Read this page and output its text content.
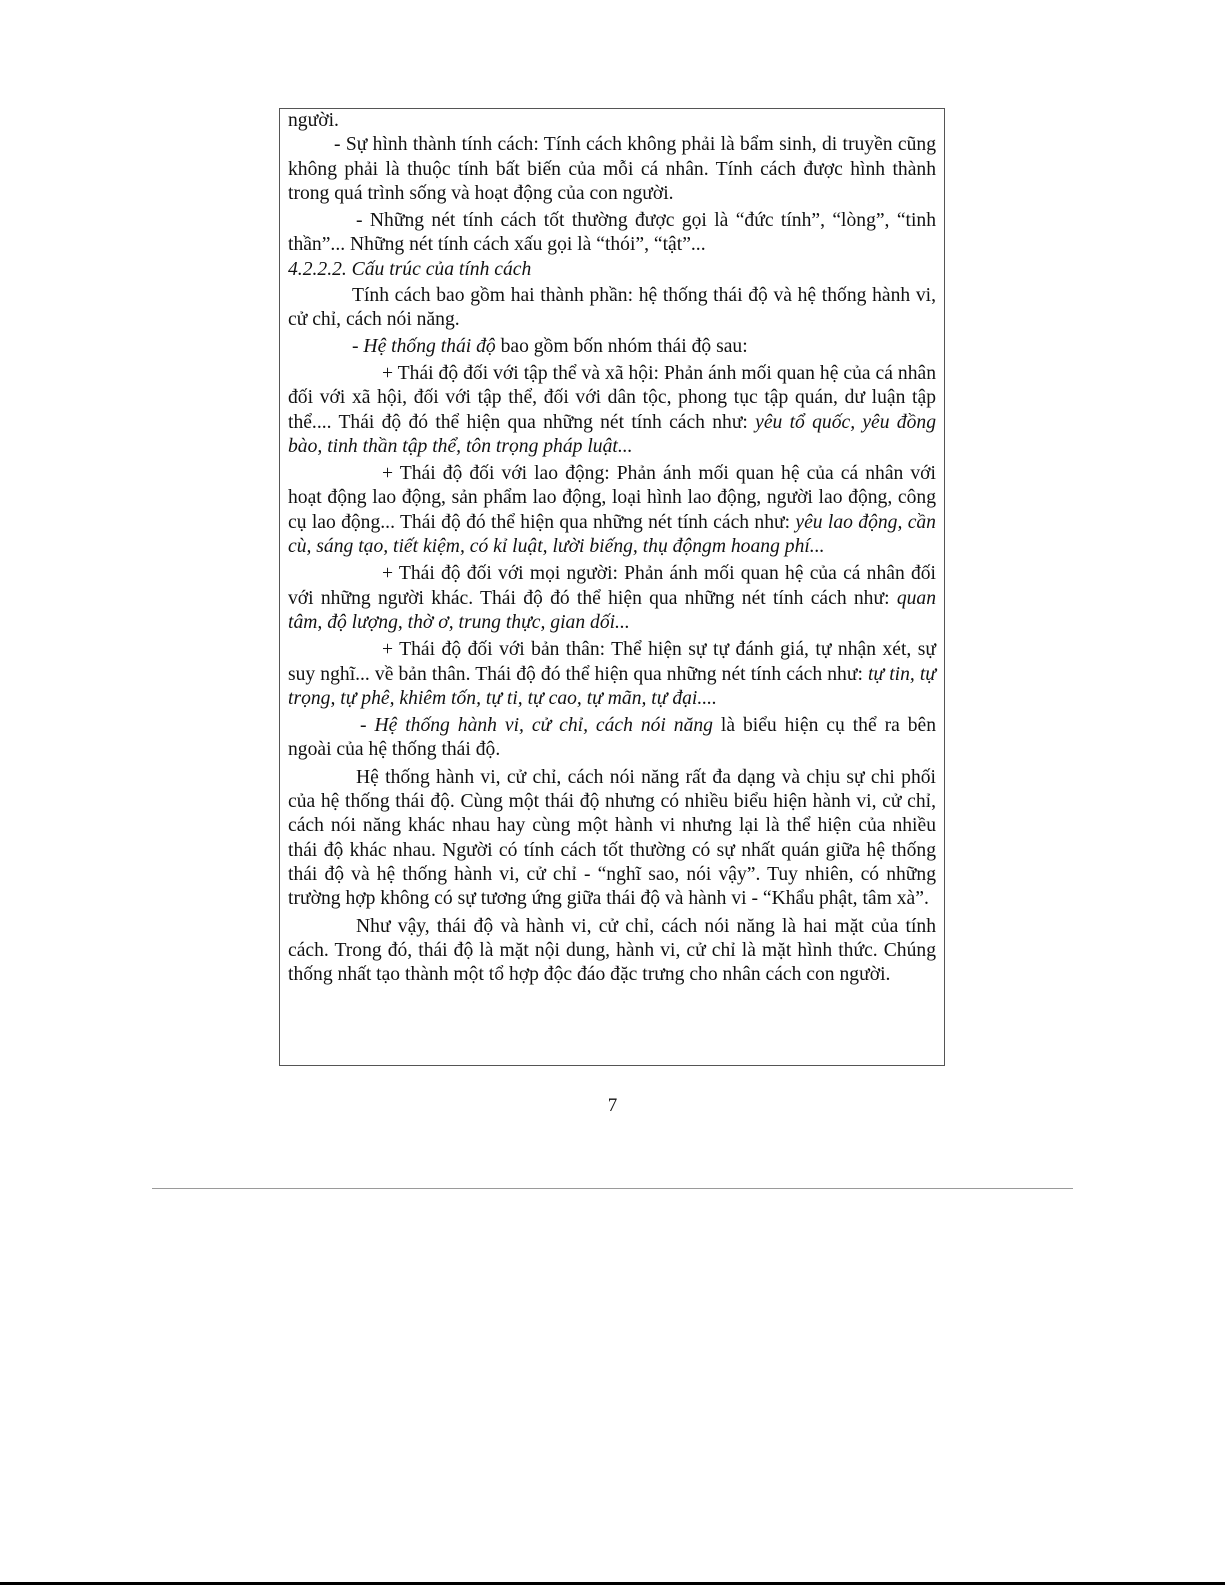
người.

- Sự hình thành tính cách: Tính cách không phải là bẩm sinh, di truyền cũng không phải là thuộc tính bất biến của mỗi cá nhân. Tính cách được hình thành trong quá trình sống và hoạt động của con người.

- Những nét tính cách tốt thường được gọi là “đức tính”, “lòng”, “tinh thần”... Những nét tính cách xấu gọi là “thói”, “tật”...

4.2.2.2. Cấu trúc của tính cách

Tính cách bao gồm hai thành phần: hệ thống thái độ và hệ thống hành vi, cử chỉ, cách nói năng.

- Hệ thống thái độ bao gồm bốn nhóm thái độ sau:

+ Thái độ đối với tập thể và xã hội: Phản ánh mối quan hệ của cá nhân đối với xã hội, đối với tập thể, đối với dân tộc, phong tục tập quán, dư luận tập thể.... Thái độ đó thể hiện qua những nét tính cách như: yêu tổ quốc, yêu đồng bào, tinh thần tập thể, tôn trọng pháp luật...

+ Thái độ đối với lao động: Phản ánh mối quan hệ của cá nhân với hoạt động lao động, sản phẩm lao động, loại hình lao động, người lao động, công cụ lao động... Thái độ đó thể hiện qua những nét tính cách như: yêu lao động, cần cù, sáng tạo, tiết kiệm, có kỉ luật, lười biếng, thụ độngm hoang phí...

+ Thái độ đối với mọi người: Phản ánh mối quan hệ của cá nhân đối với những người khác. Thái độ đó thể hiện qua những nét tính cách như: quan tâm, độ lượng, thờ ơ, trung thực, gian dối...

+ Thái độ đối với bản thân: Thể hiện sự tự đánh giá, tự nhận xét, sự suy nghĩ... về bản thân. Thái độ đó thể hiện qua những nét tính cách như: tự tin, tự trọng, tự phê, khiêm tốn, tự ti, tự cao, tự mãn, tự đại....

- Hệ thống hành vi, cử chỉ, cách nói năng là biểu hiện cụ thể ra bên ngoài của hệ thống thái độ.

Hệ thống hành vi, cử chỉ, cách nói năng rất đa dạng và chịu sự chi phối của hệ thống thái độ. Cùng một thái độ nhưng có nhiều biểu hiện hành vi, cử chỉ, cách nói năng khác nhau hay cùng một hành vi nhưng lại là thể hiện của nhiều thái độ khác nhau. Người có tính cách tốt thường có sự nhất quán giữa hệ thống thái độ và hệ thống hành vi, cử chỉ - “nghĩ sao, nói vậy”. Tuy nhiên, có những trường hợp không có sự tương ứng giữa thái độ và hành vi - “Khẩu phật, tâm xà”.

Như vậy, thái độ và hành vi, cử chỉ, cách nói năng là hai mặt của tính cách. Trong đó, thái độ là mặt nội dung, hành vi, cử chỉ là mặt hình thức. Chúng thống nhất tạo thành một tổ hợp độc đáo đặc trưng cho nhân cách con người.

7
